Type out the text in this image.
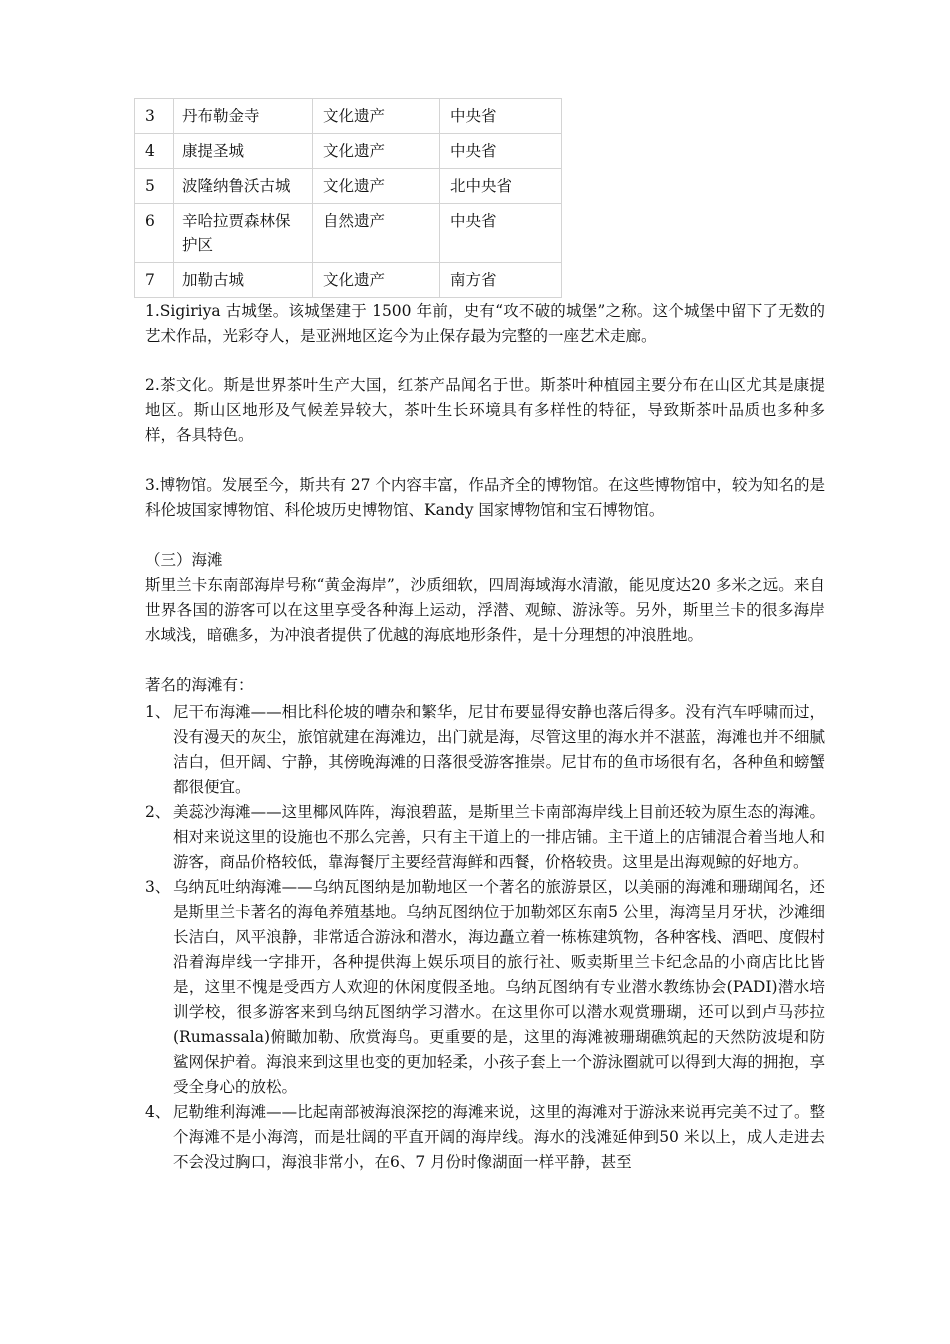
3	丹布勒金寺	文化遗产	中央省
4	康提圣城	文化遗产	中央省
5	波隆纳鲁沃古城	文化遗产	北中央省
6	辛哈拉贾森林保护区	自然遗产	中央省
7	加勒古城	文化遗产	南方省

1.Sigiriya 古城堡。该城堡建于 1500 年前，史有“攻不破的城堡”之称。这个城堡中留下了无数的艺术作品，光彩夺人，是亚洲地区迄今为止保存最为完整的一座艺术走廊。

2.茶文化。斯是世界茶叶生产大国，红茶产品闻名于世。斯茶叶种植园主要分布在山区尤其是康提地区。斯山区地形及气候差异较大，茶叶生长环境具有多样性的特征，导致斯茶叶品质也多种多样，各具特色。

3.博物馆。发展至今，斯共有 27 个内容丰富，作品齐全的博物馆。在这些博物馆中，较为知名的是科伦坡国家博物馆、科伦坡历史博物馆、Kandy 国家博物馆和宝石博物馆。

（三）海滩

斯里兰卡东南部海岸号称“黄金海岸”，沙质细软，四周海域海水清澈，能见度达20 多米之远。来自世界各国的游客可以在这里享受各种海上运动，浮潜、观鲸、游泳等。另外，斯里兰卡的很多海岸水域浅，暗礁多，为冲浪者提供了优越的海底地形条件，是十分理想的冲浪胜地。

著名的海滩有：
1、 尼干布海滩——相比科伦坡的嘈杂和繁华，尼甘布要显得安静也落后得多。没有汽车呼啸而过，没有漫天的灰尘，旅馆就建在海滩边，出门就是海，尽管这里的海水并不湛蓝，海滩也并不细腻洁白，但开阔、宁静，其傍晚海滩的日落很受游客推崇。尼甘布的鱼市场很有名，各种鱼和螃蟹都很便宜。
2、 美蕊沙海滩——这里椰风阵阵，海浪碧蓝，是斯里兰卡南部海岸线上目前还较为原生态的海滩。相对来说这里的设施也不那么完善，只有主干道上的一排店铺。主干道上的店铺混合着当地人和游客，商品价格较低，靠海餐厅主要经营海鲜和西餐，价格较贵。这里是出海观鲸的好地方。
3、 乌纳瓦吐纳海滩——乌纳瓦图纳是加勒地区一个著名的旅游景区，以美丽的海滩和珊瑚闻名，还是斯里兰卡著名的海龟养殖基地。乌纳瓦图纳位于加勒郊区东南5 公里，海湾呈月牙状，沙滩细长洁白，风平浪静，非常适合游泳和潜水，海边矗立着一栋栋建筑物，各种客栈、酒吧、度假村 沿着海岸线一字排开，各种提供海上娱乐项目的旅行社、贩卖斯里兰卡纪念品的小商店比比皆是，这里不愧是受西方人欢迎的休闲度假圣地。乌纳瓦图纳有专业潜水教练协会(PADI)潜水培训学校，很多游客来到乌纳瓦图纳学习潜水。在这里你可以潜水观赏珊瑚，还可以到卢马莎拉(Rumassala)俯瞰加勒、欣赏海鸟。更重要的是，这里的海滩被珊瑚礁筑起的天然防波堤和防鲨网保护着。海浪来到这里也变的更加轻柔，小孩子套上一个游泳圈就可以得到大海的拥抱，享受全身心的放松。
4、 尼勒维利海滩——比起南部被海浪深挖的海滩来说，这里的海滩对于游泳来说再完美不过了。整个海滩不是小海湾，而是壮阔的平直开阔的海岸线。海水的浅滩延伸到50 米以上，成人走进去不会没过胸口，海浪非常小，在6、7 月份时像湖面一样平静，甚至
